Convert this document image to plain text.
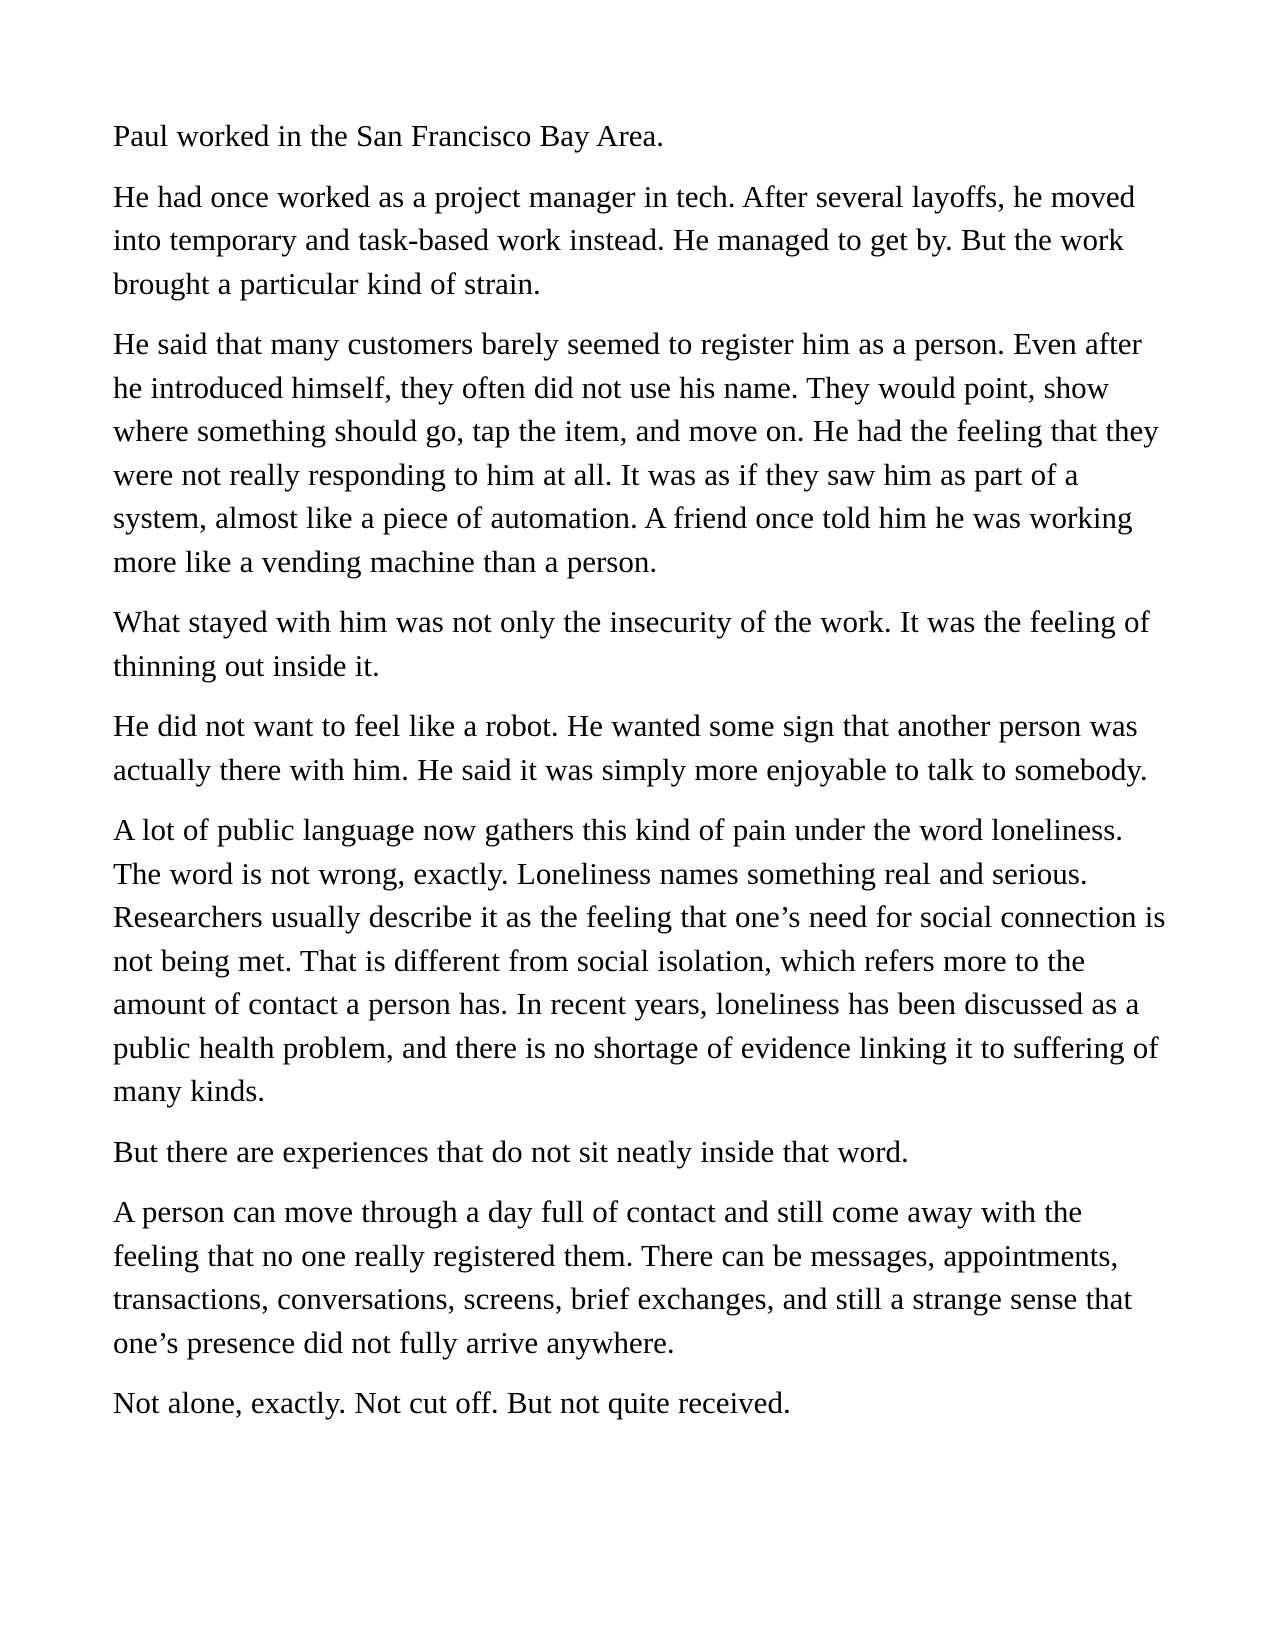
Paul worked in the San Francisco Bay Area.

He had once worked as a project manager in tech. After several layoffs, he moved into temporary and task-based work instead. He managed to get by. But the work brought a particular kind of strain.

He said that many customers barely seemed to register him as a person. Even after he introduced himself, they often did not use his name. They would point, show where something should go, tap the item, and move on. He had the feeling that they were not really responding to him at all. It was as if they saw him as part of a system, almost like a piece of automation. A friend once told him he was working more like a vending machine than a person.

What stayed with him was not only the insecurity of the work. It was the feeling of thinning out inside it.

He did not want to feel like a robot. He wanted some sign that another person was actually there with him. He said it was simply more enjoyable to talk to somebody.

A lot of public language now gathers this kind of pain under the word loneliness. The word is not wrong, exactly. Loneliness names something real and serious. Researchers usually describe it as the feeling that one’s need for social connection is not being met. That is different from social isolation, which refers more to the amount of contact a person has. In recent years, loneliness has been discussed as a public health problem, and there is no shortage of evidence linking it to suffering of many kinds.

But there are experiences that do not sit neatly inside that word.

A person can move through a day full of contact and still come away with the feeling that no one really registered them. There can be messages, appointments, transactions, conversations, screens, brief exchanges, and still a strange sense that one’s presence did not fully arrive anywhere.

Not alone, exactly. Not cut off. But not quite received.
